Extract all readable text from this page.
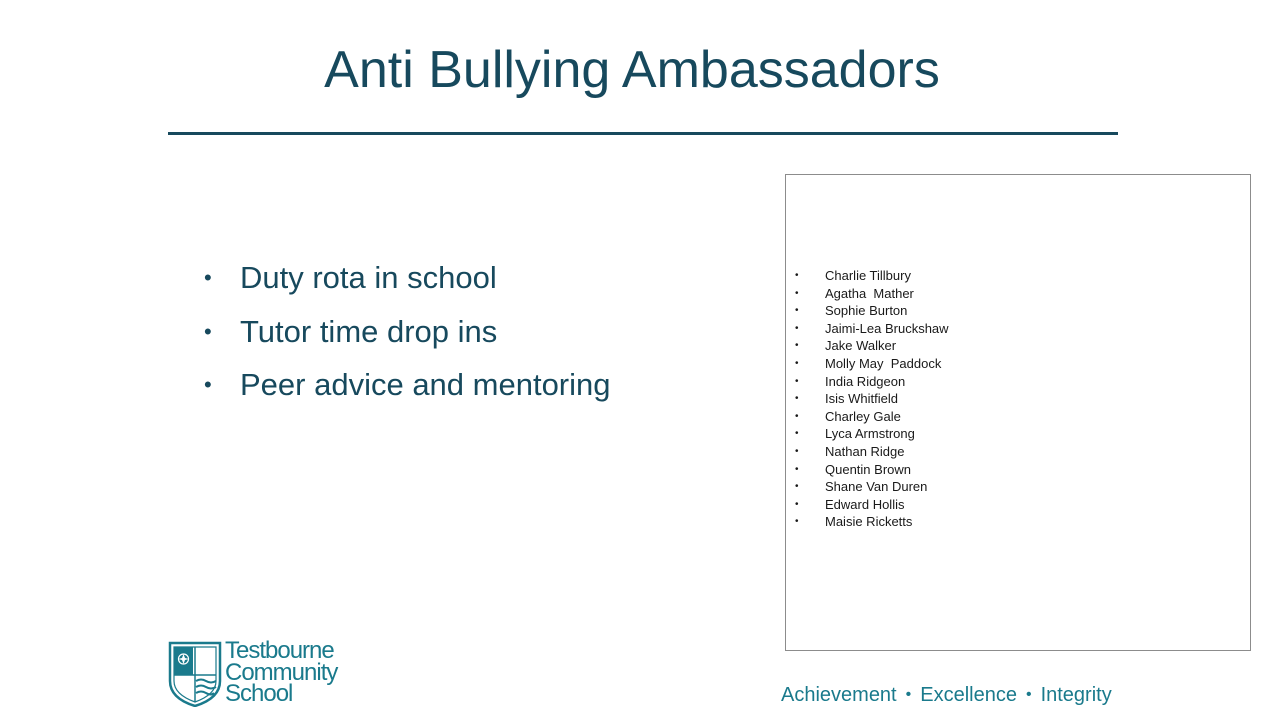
Anti Bullying Ambassadors
• Duty rota in school
• Tutor time drop ins
• Peer advice and mentoring
• Charlie Tillbury
• Agatha  Mather
• Sophie Burton
• Jaimi-Lea Bruckshaw
• Jake Walker
• Molly May  Paddock
• India Ridgeon
• Isis Whitfield
• Charley Gale
• Lyca Armstrong
• Nathan Ridge
• Quentin Brown
• Shane Van Duren
• Edward Hollis
• Maisie Ricketts
Testbourne
Community
School	Achievement • Excellence • Integrity
